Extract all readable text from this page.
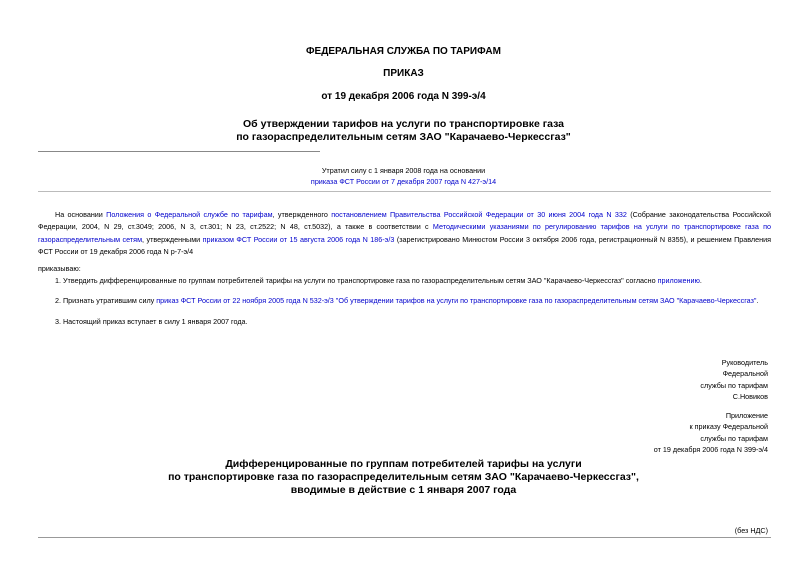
ФЕДЕРАЛЬНАЯ СЛУЖБА ПО ТАРИФАМ
ПРИКАЗ
от 19 декабря 2006 года N 399-э/4
Об утверждении тарифов на услуги по транспортировке газа
по газораспределительным сетям ЗАО "Карачаево-Черкессгаз"
Утратил силу с 1 января 2008 года на основании
приказа ФСТ России от 7 декабря 2007 года N 427-э/14
На основании Положения о Федеральной службе по тарифам, утвержденного постановлением Правительства Российской Федерации от 30 июня 2004 года N 332 (Собрание законодательства Российской Федерации, 2004, N 29, ст.3049; 2006, N 3, ст.301; N 23, ст.2522; N 48, ст.5032), а также в соответствии с Методическими указаниями по регулированию тарифов на услуги по транспортировке газа по газораспределительным сетям, утвержденными приказом ФСТ России от 15 августа 2006 года N 186-э/3 (зарегистрировано Минюстом России 3 октября 2006 года, регистрационный N 8355), и решением Правления ФСТ России от 19 декабря 2006 года N р-7-э/4
приказываю:
1. Утвердить дифференцированные по группам потребителей тарифы на услуги по транспортировке газа по газораспределительным сетям ЗАО "Карачаево-Черкессгаз" согласно приложению.
2. Признать утратившим силу приказ ФСТ России от 22 ноября 2005 года N 532-э/3 "Об утверждении тарифов на услуги по транспортировке газа по газораспределительным сетям ЗАО "Карачаево-Черкессгаз".
3. Настоящий приказ вступает в силу 1 января 2007 года.
Руководитель
Федеральной
службы по тарифам
С.Новиков
Приложение
к приказу Федеральной
службы по тарифам
от 19 декабря 2006 года N 399-э/4
Дифференцированные по группам потребителей тарифы на услуги
по транспортировке газа по газораспределительным сетям ЗАО "Карачаево-Черкессгаз",
вводимые в действие с 1 января 2007 года
(без НДС)
